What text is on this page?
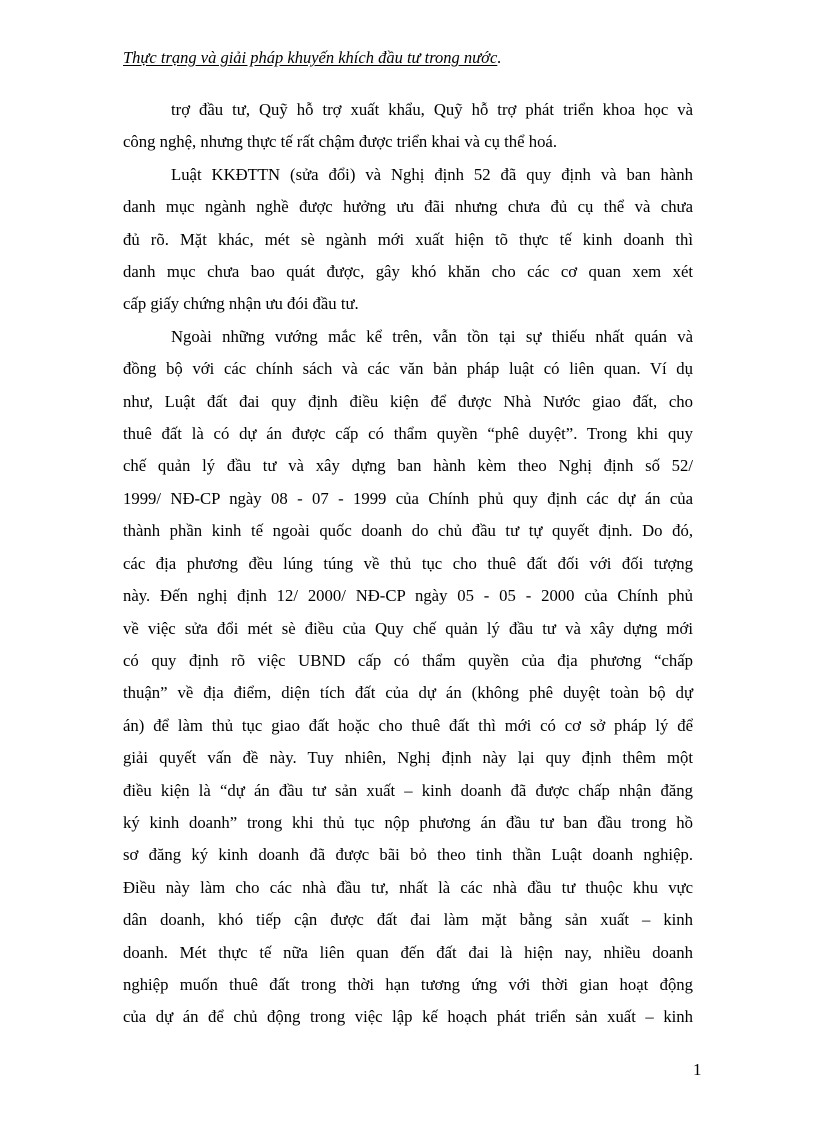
Thực trạng và giải pháp khuyến khích đầu tư trong nước.
trợ đầu tư, Quỹ hỗ trợ xuất khẩu, Quỹ hỗ trợ phát triển khoa học và
công nghệ, nhưng thực tế rất chậm được triển khai và cụ thể hoá.
Luật KKĐTTN (sửa đổi) và Nghị định 52 đã quy định và ban hành
danh mục ngành nghề được hưởng ưu đãi nhưng chưa đủ cụ thể và chưa
đủ rõ. Mặt khác, mét sè ngành mới xuất hiện tõ thực tế kinh doanh thì
danh mục chưa bao quát được, gây khó khăn cho các cơ quan xem xét
cấp giấy chứng nhận ưu đói đầu tư.
Ngoài những vướng mắc kể trên, vẫn tồn tại sự thiếu nhất quán và
đồng bộ với các chính sách và các văn bản pháp luật có liên quan. Ví dụ
như, Luật đất đai quy định điều kiện để được Nhà Nước giao đất, cho
thuê đất là có dự án được cấp có thẩm quyền “phê duyệt”. Trong khi quy
chế quản lý đầu tư và xây dựng ban hành kèm theo Nghị định số 52/
1999/ NĐ-CP ngày 08 - 07 - 1999 của Chính phủ quy định các dự án của
thành phần kinh tế ngoài quốc doanh do chủ đầu tư tự quyết định. Do đó,
các địa phương đều lúng túng về thủ tục cho thuê đất đối với đối tượng
này. Đến nghị định 12/ 2000/ NĐ-CP ngày 05 - 05 - 2000 của Chính phủ
về việc sửa đổi mét sè điều của Quy chế quản lý đầu tư và xây dựng mới
có quy định rõ việc UBND cấp có thẩm quyền của địa phương “chấp
thuận” về địa điểm, diện tích đất của dự án (không phê duyệt toàn bộ dự
án) để làm thủ tục giao đất hoặc cho thuê đất thì mới có cơ sở pháp lý để
giải quyết vấn đề này. Tuy nhiên, Nghị định này lại quy định thêm một
điều kiện là “dự án đầu tư sản xuất – kinh doanh đã được chấp nhận đăng
ký kinh doanh” trong khi thủ tục nộp phương án đầu tư ban đầu trong hồ
sơ đăng ký kinh doanh đã được bãi bỏ theo tinh thần Luật doanh nghiệp.
Điều này làm cho các nhà đầu tư, nhất là các nhà đầu tư thuộc khu vực
dân doanh, khó tiếp cận được đất đai làm mặt bằng sản xuất – kinh
doanh. Mét thực tế nữa liên quan đến đất đai là hiện nay, nhiều doanh
nghiệp muốn thuê đất trong thời hạn tương ứng với thời gian hoạt động
của dự án để chủ động trong việc lập kế hoạch phát triển sản xuất – kinh
1
